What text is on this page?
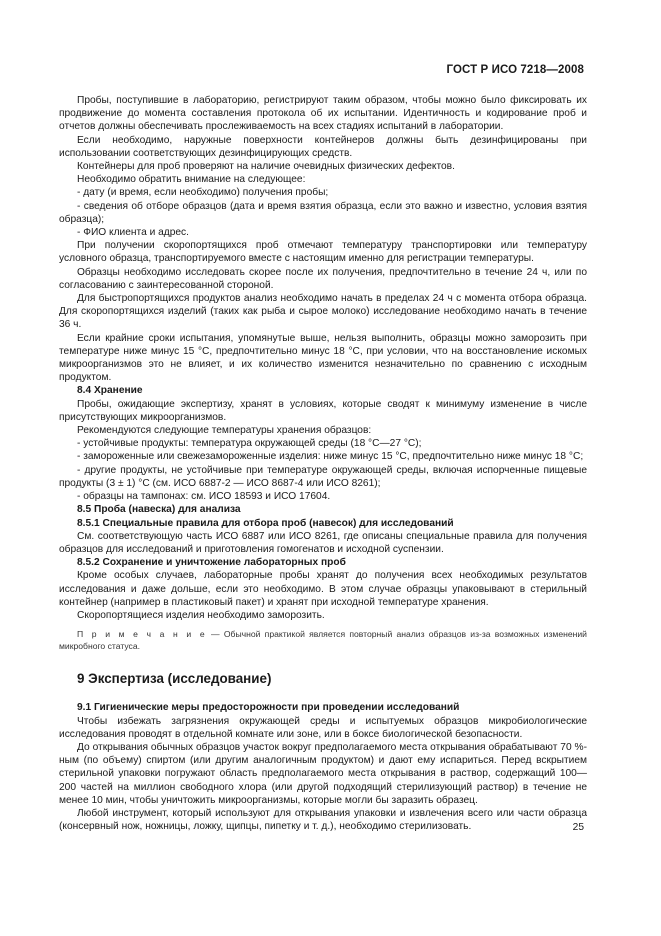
ГОСТ Р ИСО 7218—2008

Пробы, поступившие в лабораторию, регистрируют таким образом, чтобы можно было фиксировать их продвижение до момента составления протокола об их испытании. Идентичность и кодирование проб и отчетов должны обеспечивать прослеживаемость на всех стадиях испытаний в лаборатории.

Если необходимо, наружные поверхности контейнеров должны быть дезинфицированы при использовании соответствующих дезинфицирующих средств.

Контейнеры для проб проверяют на наличие очевидных физических дефектов.

Необходимо обратить внимание на следующее:

- дату (и время, если необходимо) получения пробы;

- сведения об отборе образцов (дата и время взятия образца, если это важно и известно, условия взятия образца);

- ФИО клиента и адрес.

При получении скоропортящихся проб отмечают температуру транспортировки или температуру условного образца, транспортируемого вместе с настоящим именно для регистрации температуры.

Образцы необходимо исследовать скорее после их получения, предпочтительно в течение 24 ч, или по согласованию с заинтересованной стороной.

Для быстропортящихся продуктов анализ необходимо начать в пределах 24 ч с момента отбора образца. Для скоропортящихся изделий (таких как рыба и сырое молоко) исследование необходимо начать в течение 36 ч.

Если крайние сроки испытания, упомянутые выше, нельзя выполнить, образцы можно заморозить при температуре ниже минус 15 °С, предпочтительно минус 18 °С, при условии, что на восстановление искомых микроорганизмов это не влияет, и их количество изменится незначительно по сравнению с исходным продуктом.

8.4 Хранение

Пробы, ожидающие экспертизу, хранят в условиях, которые сводят к минимуму изменение в числе присутствующих микроорганизмов.

Рекомендуются следующие температуры хранения образцов:

- устойчивые продукты: температура окружающей среды (18 °С—27 °С);

- замороженные или свежезамороженные изделия: ниже минус 15 °С, предпочтительно ниже минус 18 °С;

- другие продукты, не устойчивые при температуре окружающей среды, включая испорченные пищевые продукты (3 ± 1) °С (см. ИСО 6887-2 — ИСО 8687-4 или ИСО 8261);

- образцы на тампонах: см. ИСО 18593 и ИСО 17604.

8.5 Проба (навеска) для анализа

8.5.1 Специальные правила для отбора проб (навесок) для исследований

См. соответствующую часть ИСО 6887 или ИСО 8261, где описаны специальные правила для получения образцов для исследований и приготовления гомогенатов и исходной суспензии.

8.5.2 Сохранение и уничтожение лабораторных проб

Кроме особых случаев, лабораторные пробы хранят до получения всех необходимых результатов исследования и даже дольше, если это необходимо. В этом случае образцы упаковывают в стерильный контейнер (например в пластиковый пакет) и хранят при исходной температуре хранения.

Скоропортящиеся изделия необходимо заморозить.

П р и м е ч а н и е — Обычной практикой является повторный анализ образцов из-за возможных изменений микробного статуса.

9 Экспертиза (исследование)

9.1 Гигиенические меры предосторожности при проведении исследований

Чтобы избежать загрязнения окружающей среды и испытуемых образцов микробиологические исследования проводят в отдельной комнате или зоне, или в боксе биологической безопасности.

До открывания обычных образцов участок вокруг предполагаемого места открывания обрабатывают 70 %-ным (по объему) спиртом (или другим аналогичным продуктом) и дают ему испариться. Перед вскрытием стерильной упаковки погружают область предполагаемого места открывания в раствор, содержащий 100—200 частей на миллион свободного хлора (или другой подходящий стерилизующий раствор) в течение не менее 10 мин, чтобы уничтожить микроорганизмы, которые могли бы заразить образец.

Любой инструмент, который используют для открывания упаковки и извлечения всего или части образца (консервный нож, ножницы, ложку, щипцы, пипетку и т. д.), необходимо стерилизовать.	25
